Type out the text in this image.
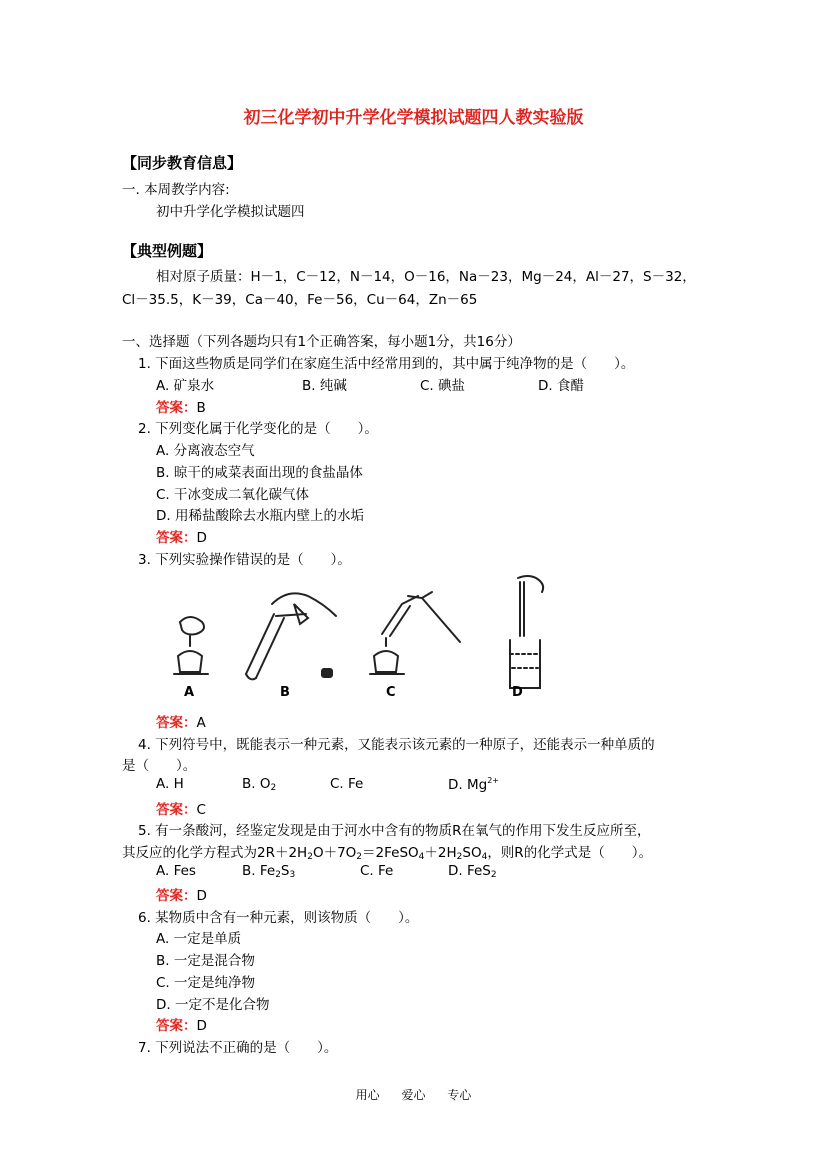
初三化学初中升学化学模拟试题四人教实验版
【同步教育信息】
一. 本周教学内容:
初中升学化学模拟试题四
【典型例题】
相对原子质量：H－1，C－12，N－14，O－16，Na－23，Mg－24，Al－27，S－32，
Cl－35.5，K－39，Ca－40，Fe－56，Cu－64，Zn－65
一、选择题（下列各题均只有1个正确答案，每小题1分，共16分）
1. 下面这些物质是同学们在家庭生活中经常用到的，其中属于纯净物的是（　　）。
A. 矿泉水	B. 纯碱	C. 碘盐	D. 食醋
答案：B
2. 下列变化属于化学变化的是（　　）。
A. 分离液态空气
B. 晾干的咸菜表面出现的食盐晶体
C. 干冰变成二氧化碳气体
D. 用稀盐酸除去水瓶内壁上的水垢
答案：D
3. 下列实验操作错误的是（　　）。
A	B	C	D
答案：A
4. 下列符号中，既能表示一种元素，又能表示该元素的一种原子，还能表示一种单质的
是（　　）。
A. H	B. $O_2$	C. Fe	D. $Mg^{2+}$
答案：C
5. 有一条酸河，经鉴定发现是由于河水中含有的物质R在氧气的作用下发生反应所至，
其反应的化学方程式为$2R+2H_2O+7O_2=2FeSO_4+2H_2SO_4$，则R的化学式是（　　）。
A. Fes	B. $Fe_2S_3$	C. Fe	D. FeS$_2$
答案：D
6. 某物质中含有一种元素，则该物质（　　）。
A. 一定是单质
B. 一定是混合物
C. 一定是纯净物
D. 一定不是化合物
答案：D
7. 下列说法不正确的是（　　）。
用心 爱心 专心
